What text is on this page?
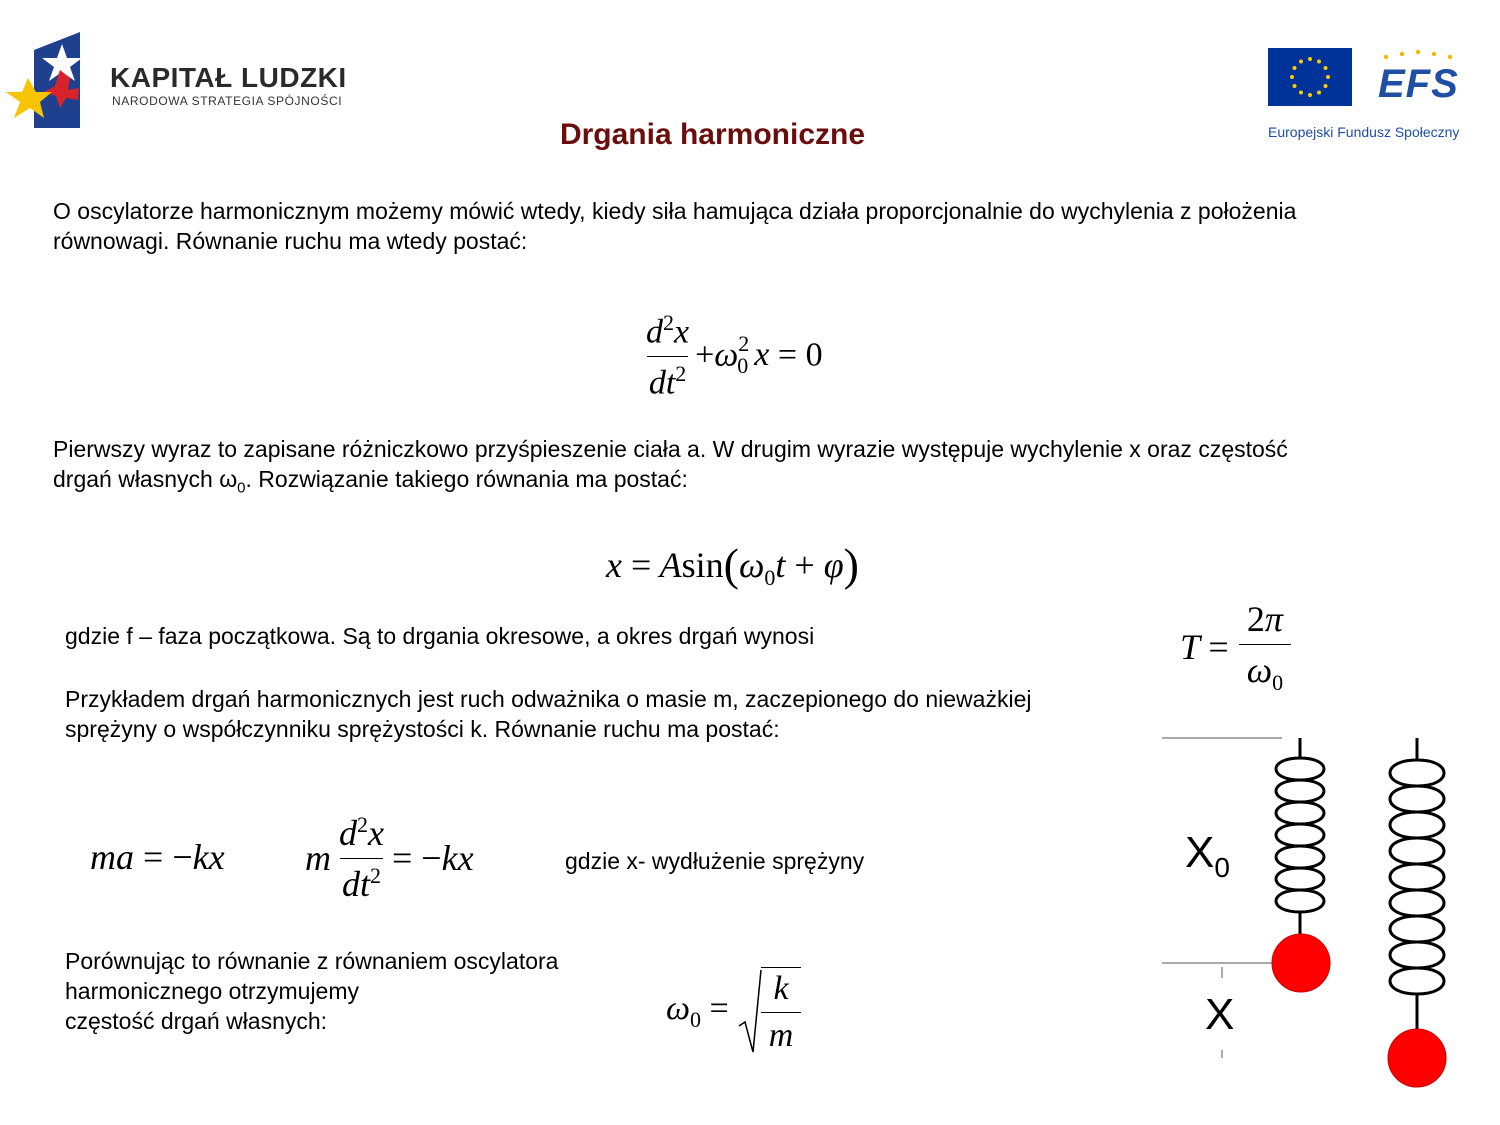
KAPITAŁ LUDZKI
NARODOWA STRATEGIA SPÓJNOŚCI	EFS
Europejski Fundusz Społeczny
Drgania harmoniczne
O oscylatorze harmonicznym możemy mówić wtedy, kiedy siła hamująca działa proporcjonalnie do wychylenia z położenia
równowagi. Równanie ruchu ma wtedy postać:
$\frac{d^2x}{dt^2} +\omega^2_0$ x = 0
Pierwszy wyraz to zapisane różniczkowo przyśpieszenie ciała a. W drugim wyrazie występuje wychylenie x oraz częstość
drgań własnych $\omega_0$. Rozwiązanie takiego równania ma postać:
$x = Asin(\omega_0t + \varphi)$
$T = \frac{2\pi}{\omega_0}$
gdzie f – faza początkowa. Są to drgania okresowe, a okres drgań wynosi
Przykładem drgań harmonicznych jest ruch odważnika o masie m, zaczepionego do nieważkiej
sprężyny o współczynniku sprężystości k. Równanie ruchu ma postać:
ma = −kx m $\frac{d^2x}{dt^2} = -kx$	gdzie x- wydłużenie sprężyny
Porównując to równanie z równaniem oscylatora
harmonicznego otrzymujemy
częstość drgań własnych:	$\omega_0 = \frac{k}{m}$
$X_0$
X
